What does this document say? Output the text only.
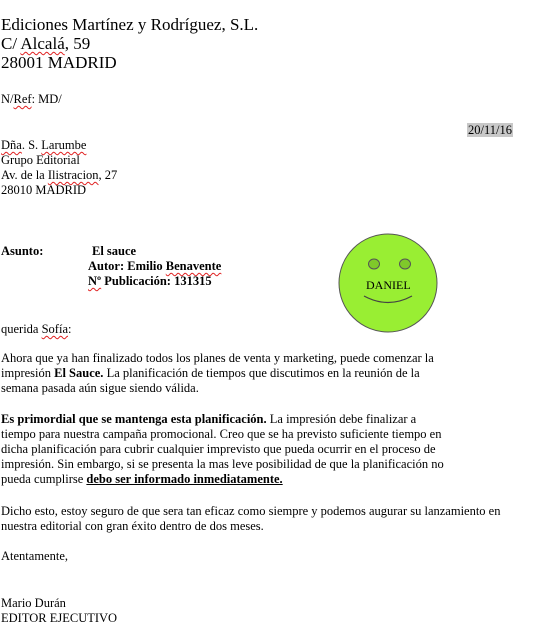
Ediciones Martínez y Rodríguez, S.L.
C/ Alcalá, 59
28001 MADRID
N/Ref: MD/
20/11/16
Dña. S. Larumbe
Grupo Editorial
Av. de la Ilistracion, 27
28010 MADRID
Asunto:	El sauce
Autor: Emilio Benavente
Nº Publicación: 131315	DANIEL
querida Sofía:
Ahora que ya han finalizado todos los planes de venta y marketing, puede comenzar la
impresión El Sauce. La planificación de tiempos que discutimos en la reunión de la
semana pasada aún sigue siendo válida.
Es primordial que se mantenga esta planificación. La impresión debe finalizar a
tiempo para nuestra campaña promocional. Creo que se ha previsto suficiente tiempo en
dicha planificación para cubrir cualquier imprevisto que pueda ocurrir en el proceso de
impresión. Sin embargo, si se presenta la mas leve posibilidad de que la planificación no
pueda cumplirse debo ser informado inmediatamente.
Dicho esto, estoy seguro de que sera tan eficaz como siempre y podemos augurar su lanzamiento en
nuestra editorial con gran éxito dentro de dos meses.
Atentamente,
Mario Durán
EDITOR EJECUTIVO
